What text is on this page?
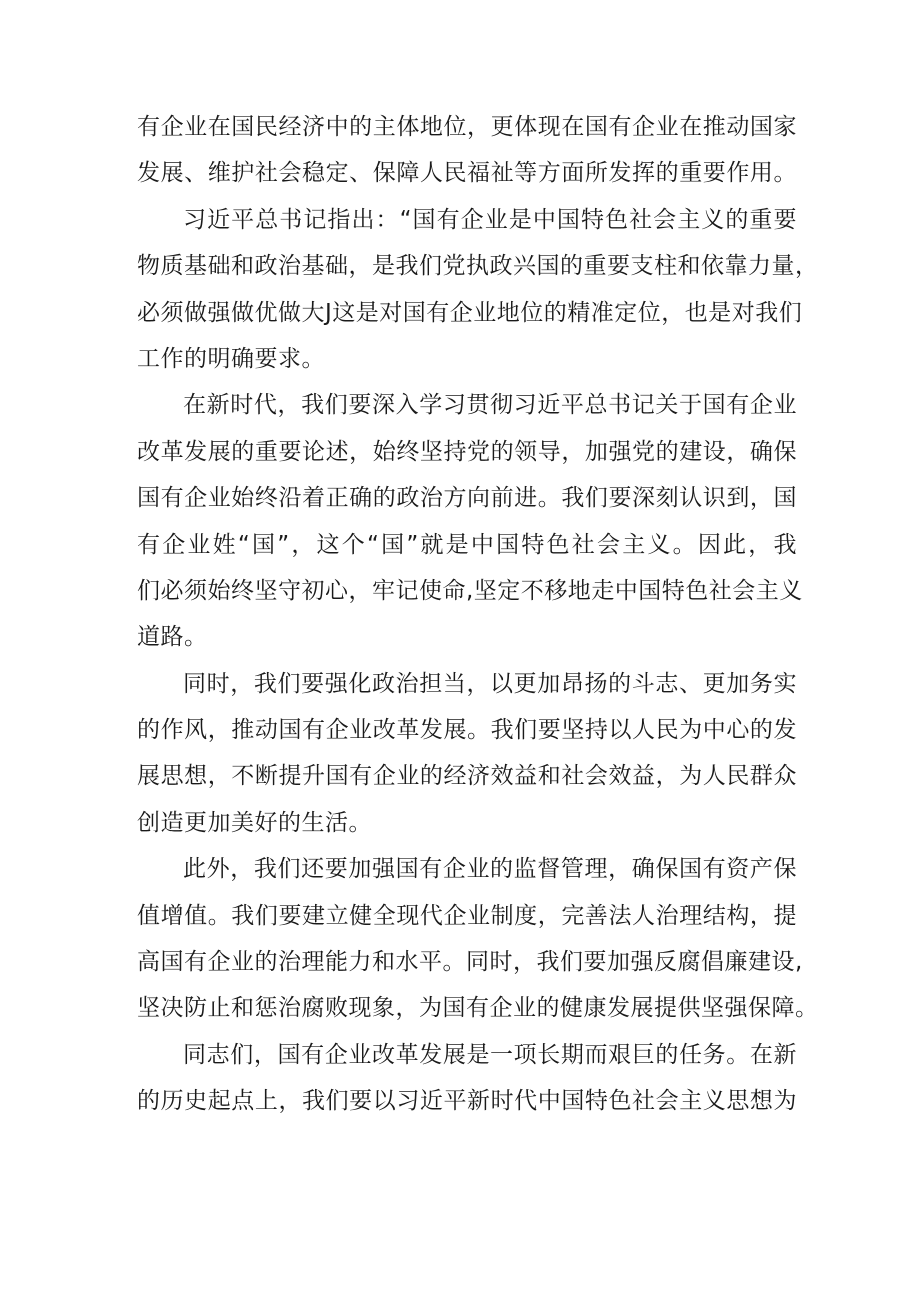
有企业在国民经济中的主体地位，更体现在国有企业在推动国家
发展、维护社会稳定、保障人民福祉等方面所发挥的重要作用。
习近平总书记指出：“国有企业是中国特色社会主义的重要
物质基础和政治基础，是我们党执政兴国的重要支柱和依靠力量，
必须做强做优做大J这是对国有企业地位的精准定位，也是对我们
工作的明确要求。
在新时代，我们要深入学习贯彻习近平总书记关于国有企业
改革发展的重要论述，始终坚持党的领导，加强党的建设，确保
国有企业始终沿着正确的政治方向前进。我们要深刻认识到，国
有企业姓“国”，这个“国”就是中国特色社会主义。因此，我
们必须始终坚守初心，牢记使命,坚定不移地走中国特色社会主义
道路。
同时，我们要强化政治担当，以更加昂扬的斗志、更加务实
的作风，推动国有企业改革发展。我们要坚持以人民为中心的发
展思想，不断提升国有企业的经济效益和社会效益，为人民群众
创造更加美好的生活。
此外，我们还要加强国有企业的监督管理，确保国有资产保
值增值。我们要建立健全现代企业制度，完善法人治理结构，提
高国有企业的治理能力和水平。同时，我们要加强反腐倡廉建设,
坚决防止和惩治腐败现象，为国有企业的健康发展提供坚强保障。
同志们，国有企业改革发展是一项长期而艰巨的任务。在新
的历史起点上，我们要以习近平新时代中国特色社会主义思想为
